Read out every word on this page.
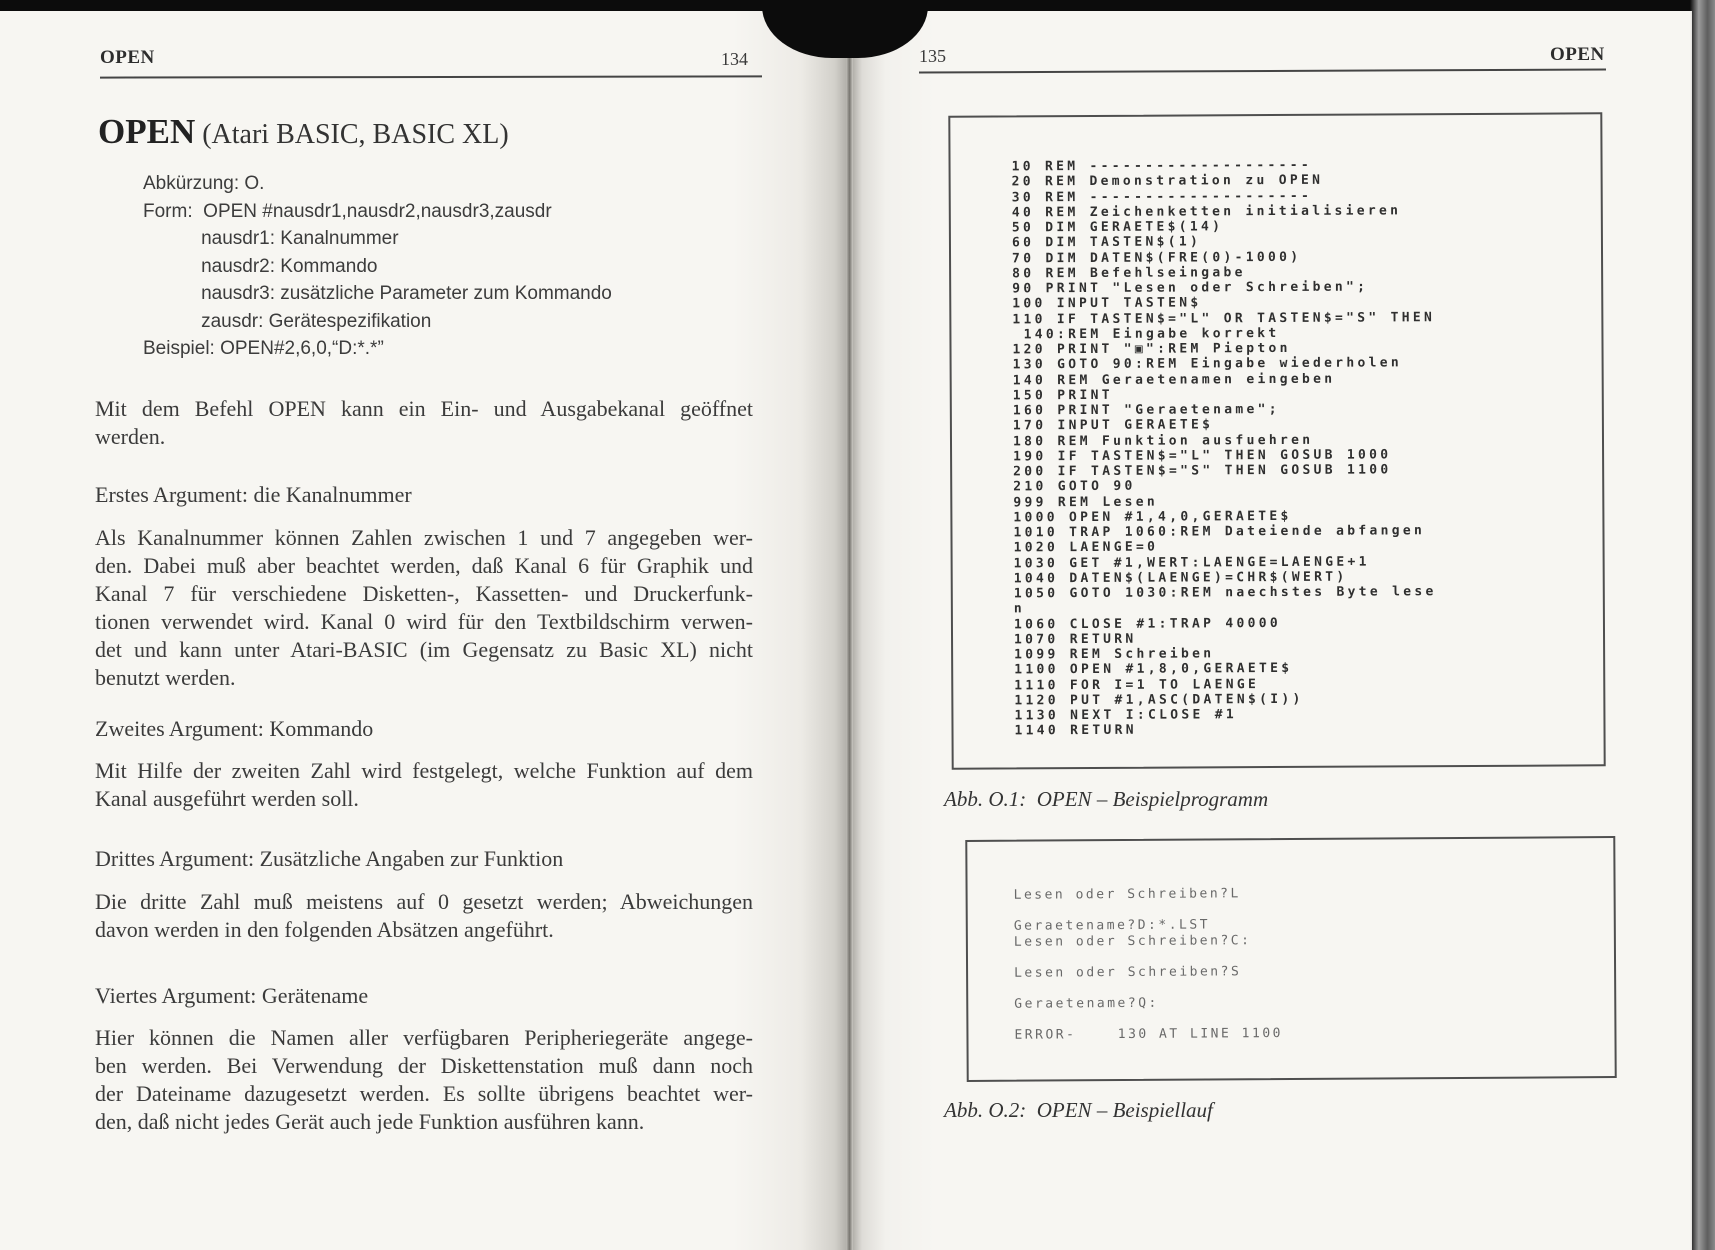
OPEN	134
OPEN (Atari BASIC, BASIC XL)
Abkürzung: O.
Form:  OPEN #nausdr1,nausdr2,nausdr3,zausdr
nausdr1: Kanalnummer
nausdr2: Kommando
nausdr3: zusätzliche Parameter zum Kommando
zausdr: Gerätespezifikation
Beispiel: OPEN#2,6,0,“D:*.*”
Mit dem Befehl OPEN kann ein Ein- und Ausgabekanal geöffnet
werden.
Erstes Argument: die Kanalnummer
Als Kanalnummer können Zahlen zwischen 1 und 7 angegeben wer-
den. Dabei muß aber beachtet werden, daß Kanal 6 für Graphik und
Kanal 7 für verschiedene Disketten-, Kassetten- und Druckerfunk-
tionen verwendet wird. Kanal 0 wird für den Textbildschirm verwen-
det und kann unter Atari-BASIC (im Gegensatz zu Basic XL) nicht
benutzt werden.
Zweites Argument: Kommando
Mit Hilfe der zweiten Zahl wird festgelegt, welche Funktion auf dem
Kanal ausgeführt werden soll.
Drittes Argument: Zusätzliche Angaben zur Funktion
Die dritte Zahl muß meistens auf 0 gesetzt werden; Abweichungen
davon werden in den folgenden Absätzen angeführt.
Viertes Argument: Gerätename
Hier können die Namen aller verfügbaren Peripheriegeräte angege-
ben werden. Bei Verwendung der Diskettenstation muß dann noch
der Dateiname dazugesetzt werden. Es sollte übrigens beachtet wer-
den, daß nicht jedes Gerät auch jede Funktion ausführen kann.
135	OPEN
10 REM --------------------
20 REM Demonstration zu OPEN
30 REM --------------------
40 REM Zeichenketten initialisieren
50 DIM GERAETE$(14)
60 DIM TASTEN$(1)
70 DIM DATEN$(FRE(0)-1000)
80 REM Befehlseingabe
90 PRINT "Lesen oder Schreiben";
100 INPUT TASTEN$
110 IF TASTEN$="L" OR TASTEN$="S" THEN
140:REM Eingabe korrekt
120 PRINT "▣":REM Piepton
130 GOTO 90:REM Eingabe wiederholen
140 REM Geraetenamen eingeben
150 PRINT
160 PRINT "Geraetename";
170 INPUT GERAETE$
180 REM Funktion ausfuehren
190 IF TASTEN$="L" THEN GOSUB 1000
200 IF TASTEN$="S" THEN GOSUB 1100
210 GOTO 90
999 REM Lesen
1000 OPEN #1,4,0,GERAETE$
1010 TRAP 1060:REM Dateiende abfangen
1020 LAENGE=0
1030 GET #1,WERT:LAENGE=LAENGE+1
1040 DATEN$(LAENGE)=CHR$(WERT)
1050 GOTO 1030:REM naechstes Byte lese
n
1060 CLOSE #1:TRAP 40000
1070 RETURN
1099 REM Schreiben
1100 OPEN #1,8,0,GERAETE$
1110 FOR I=1 TO LAENGE
1120 PUT #1,ASC(DATEN$(I))
1130 NEXT I:CLOSE #1
1140 RETURN
Abb. O.1:  OPEN – Beispielprogramm
Lesen oder Schreiben?L

Geraetename?D:*.LST
Lesen oder Schreiben?C:

Lesen oder Schreiben?S

Geraetename?Q:

ERROR-    130 AT LINE 1100
Abb. O.2:  OPEN – Beispiellauf
